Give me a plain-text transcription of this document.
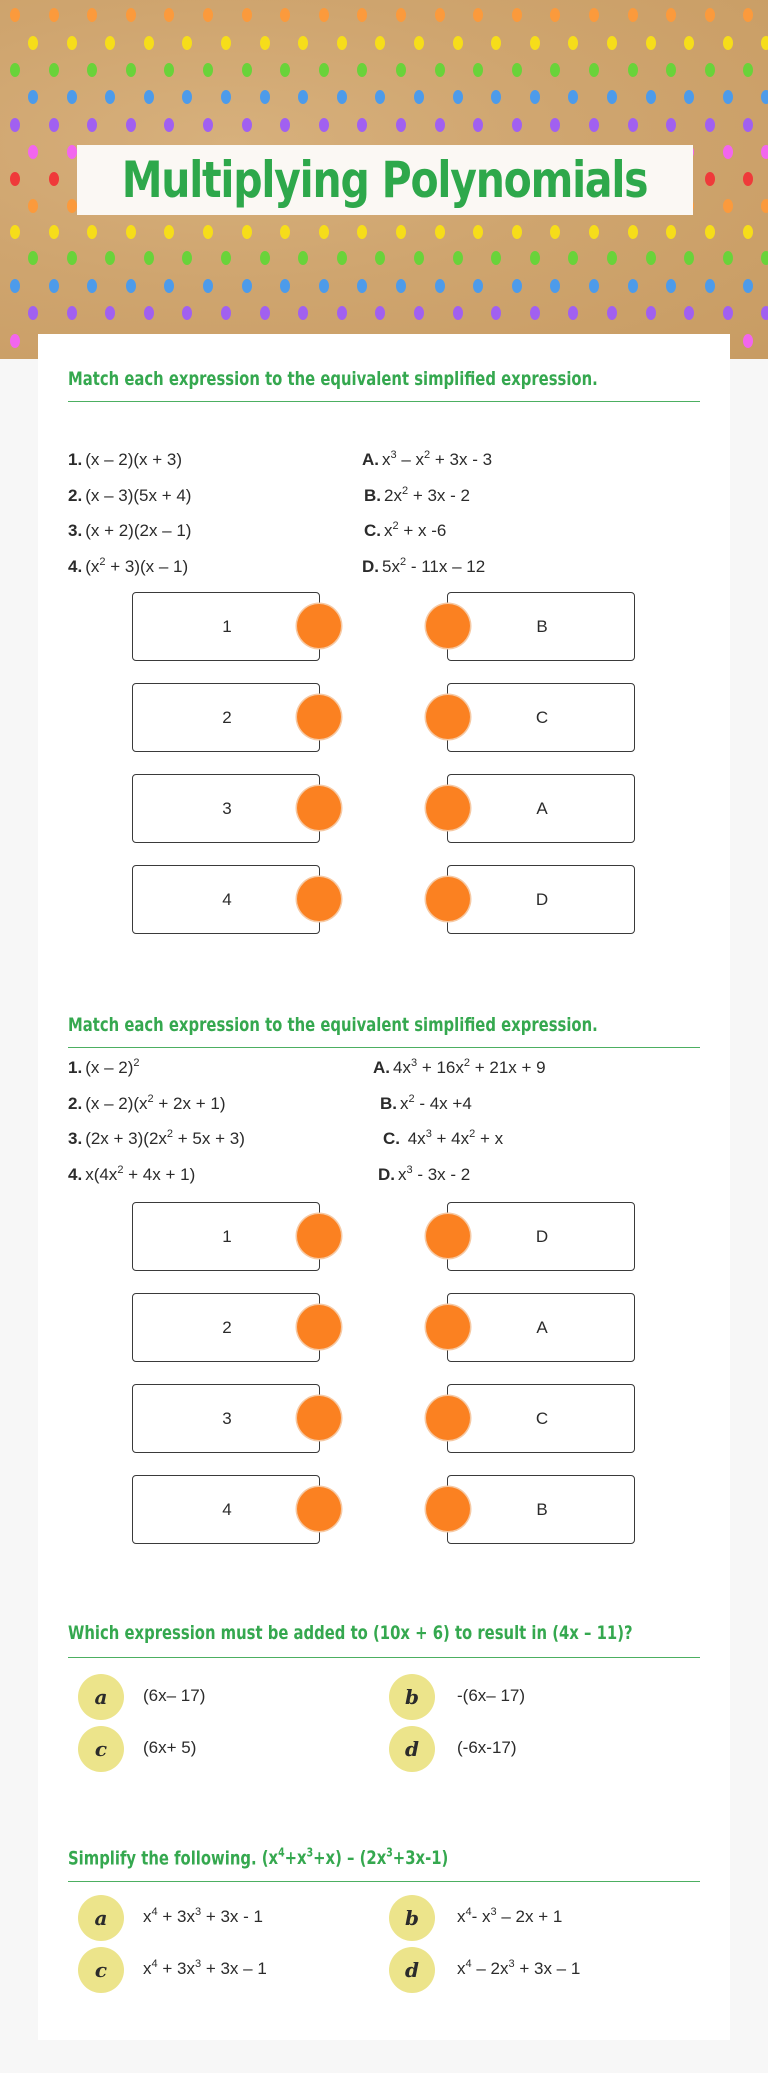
Multiplying Polynomials
Match each expression to the equivalent simplified expression.
1. (x – 2)(x + 3)
2. (x – 3)(5x + 4)
3. (x + 2)(2x – 1)
4. $(x^2 + 3)(x - 1)$
A. $x^3 - x^2 + 3x - 3$
B. $2x^2 + 3x - 2$
C. $x^2 + x$ -6
D. $5x^2 - 11x - 12$
1	B
2	C
3	A
4	D
Match each expression to the equivalent simplified expression.
1. (x – 2)$^2$
2. $(x - 2)(x^2 + 2x + 1)$
3. $(2x + 3)(2x^2 + 5x + 3)$
4. $x(4x^2 + 4x + 1)$
A. $4x^3 + 16x^2 + 21x + 9$
B. $x^2 - 4x +4$
C. $4x^3 + 4x^2 + x$
D. $x^3 - 3x - 2$
1	D
2	A
3	C
4	B
Which expression must be added to (10x + 6) to result in (4x – 11)?
a	(6x– 17)	b	-(6x– 17)
c	(6x+ 5)	d	(-6x-17)
Simplify the following. $(x^4+x^3+x) - (2x^3+3x-1)$
a	$x^4 + 3x^3 + 3x - 1$	b	$x^4-$ $x^3 - 2x + 1$
c	$x^4 + 3x^3 + 3x - 1$	d	$x^4 - 2x^3 + 3x - 1$
